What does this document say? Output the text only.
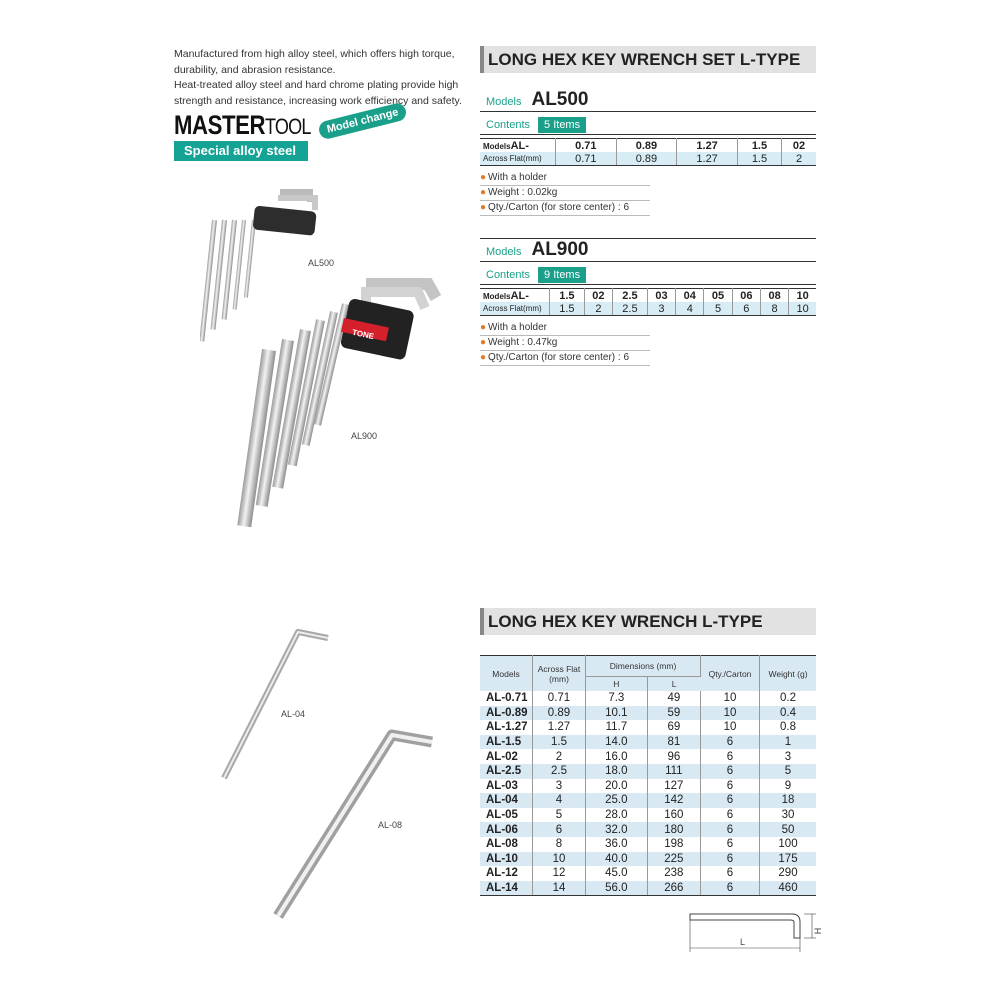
Manufactured from high alloy steel, which offers high torque,
durability, and abrasion resistance.
Heat-treated alloy steel and hard chrome plating provide high
strength and resistance, increasing work efficiency and safety.
MASTERTOOL	Model change
Special alloy steel
AL500
AL900
TONE
AL-04
AL-08
LONG HEX KEY WRENCH SET L-TYPE
Models AL500
Contents 5 Items
ModelsAL-	0.71	0.89	1.27	1.5	02
Across Flat(mm)	0.71	0.89	1.27	1.5	2
● With a holder
● Weight : 0.02kg
● Qty./Carton (for store center) : 6
Models AL900
Contents 9 Items
ModelsAL-	1.5	02	2.5	03	04	05	06	08	10
Across Flat(mm)	1.5	2	2.5	3	4	5	6	8	10
● With a holder
● Weight : 0.47kg
● Qty./Carton (for store center) : 6
LONG HEX KEY WRENCH L-TYPE
Models	Across Flat (mm)	Dimensions (mm)		Qty./Carton	Weight (g)
		H	L		
AL-0.71	0.71	7.3	49	10	0.2
AL-0.89	0.89	10.1	59	10	0.4
AL-1.27	1.27	11.7	69	10	0.8
AL-1.5	1.5	14.0	81	6	1
AL-02	2	16.0	96	6	3
AL-2.5	2.5	18.0	111	6	5
AL-03	3	20.0	127	6	9
AL-04	4	25.0	142	6	18
AL-05	5	28.0	160	6	30
AL-06	6	32.0	180	6	50
AL-08	8	36.0	198	6	100
AL-10	10	40.0	225	6	175
AL-12	12	45.0	238	6	290
AL-14	14	56.0	266	6	460
L
H
